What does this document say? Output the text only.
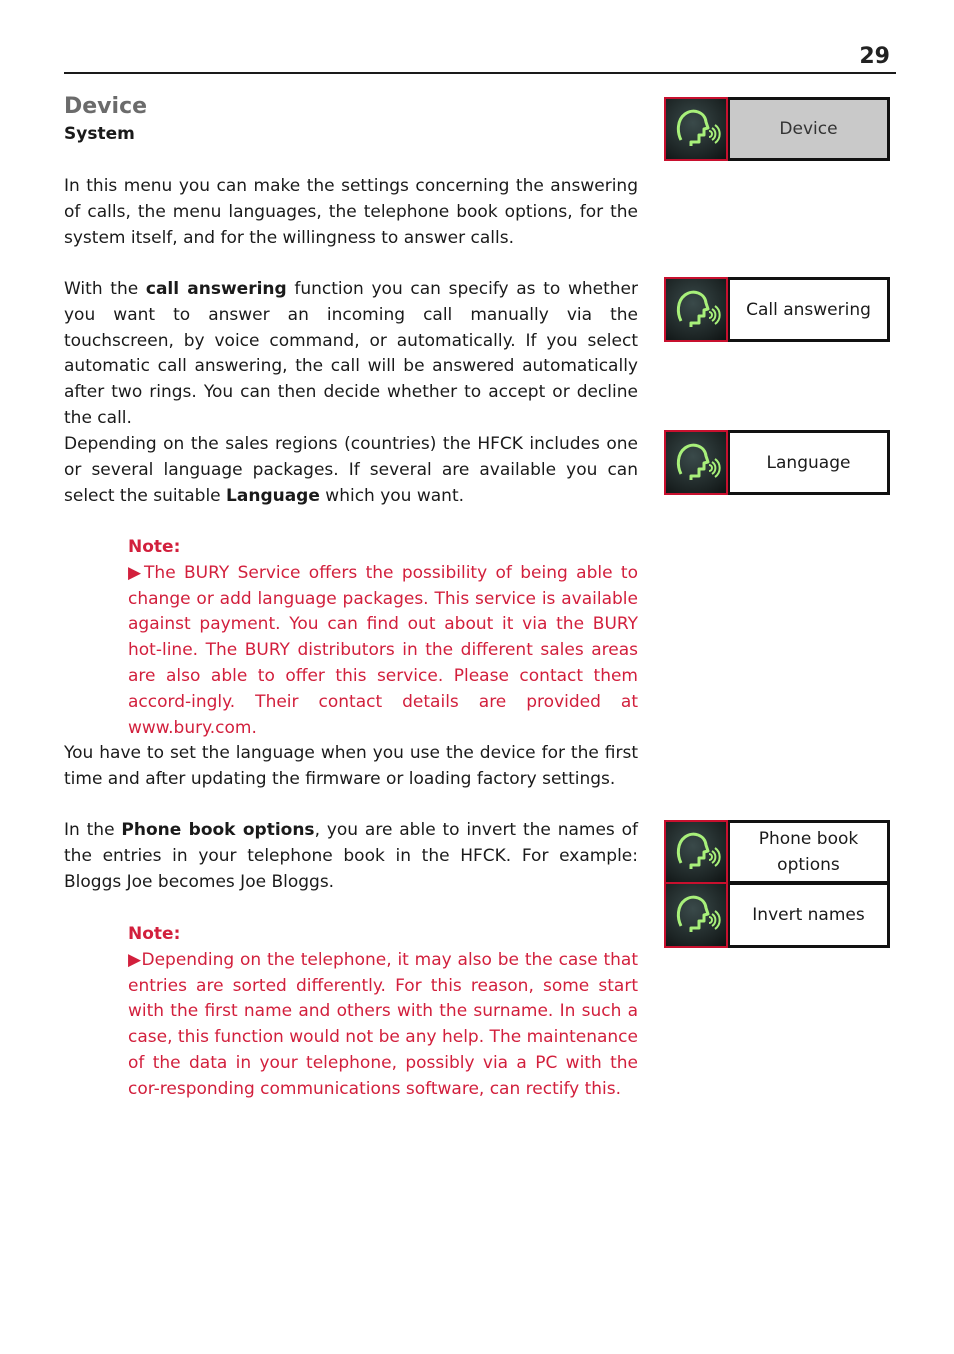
29
Device
System
In this menu you can make the settings concerning the answering of calls, the menu languages, the telephone book options, for the system itself, and for the willingness to answer calls.
With the call answering function you can specify as to whether you want to answer an incoming call manually via the touchscreen, by voice command, or automatically. If you select automatic call answering, the call will be answered automatically after two rings. You can then decide whether to accept or decline the call.
Depending on the sales regions (countries) the HFCK includes one or several language packages. If several are available you can select the suitable Language which you want.
Note:
▶The BURY Service offers the possibility of being able to change or add language packages. This service is available against payment. You can find out about it via the BURY hot-line. The BURY distributors in the different sales areas are also able to offer this service. Please contact them accord-ingly. Their contact details are provided at www.bury.com.
You have to set the language when you use the device for the first time and after updating the firmware or loading factory settings.
In the Phone book options, you are able to invert the names of the entries in your telephone book in the HFCK. For example: Bloggs Joe becomes Joe Bloggs.
Note:
▶Depending on the telephone, it may also be the case that entries are sorted differently. For this reason, some start with the first name and others with the surname. In such a case, this function would not be any help. The maintenance of the data in your telephone, possibly via a PC with the cor-responding communications software, can rectify this.
Device
Call answering
Language
Phone book
options
Invert names
